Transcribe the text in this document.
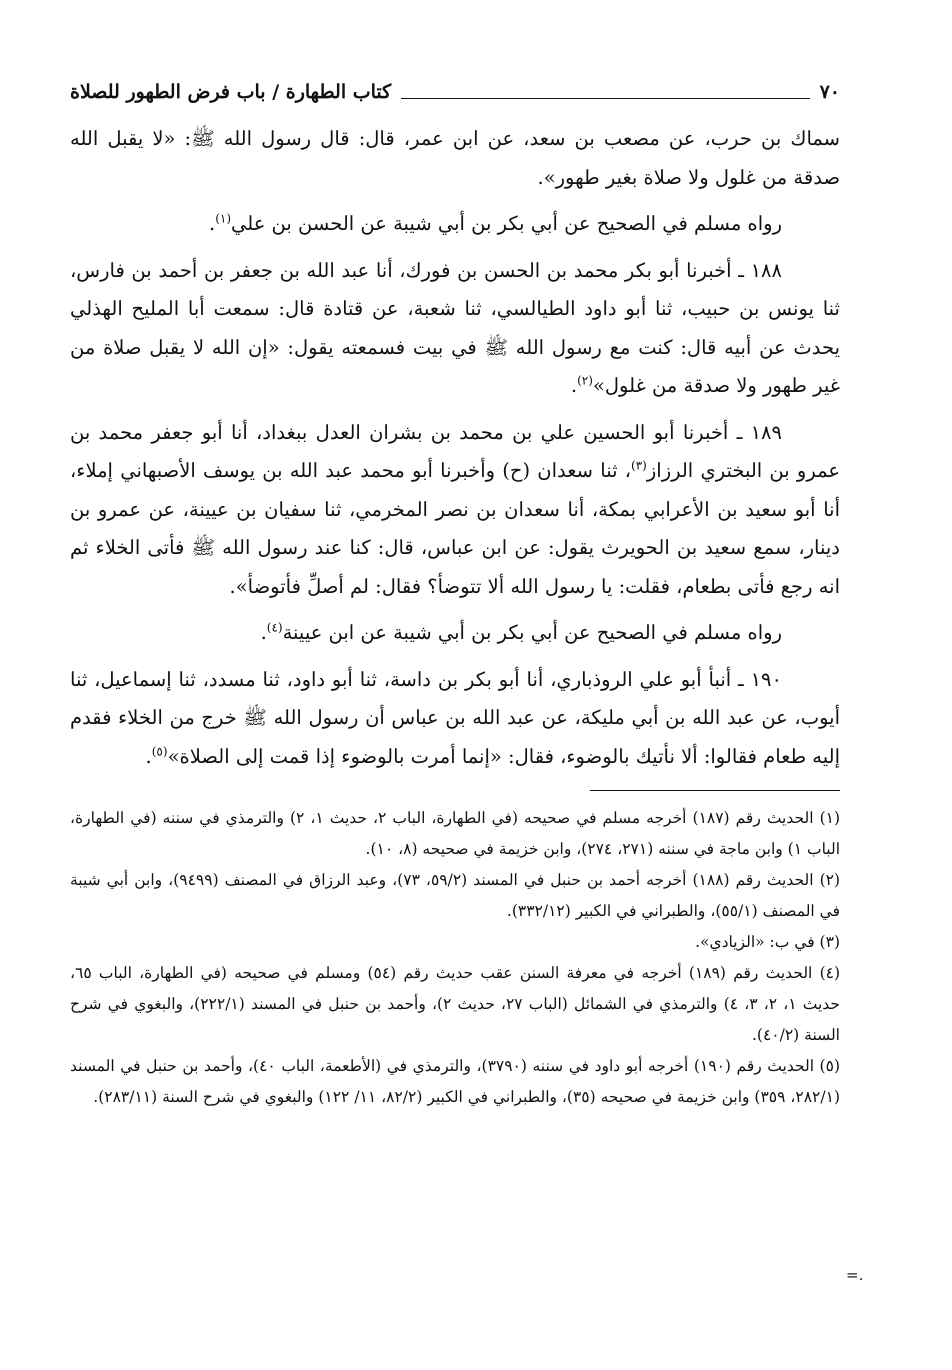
٧٠
كتاب الطهارة / باب فرض الطهور للصلاة

سماك بن حرب، عن مصعب بن سعد، عن ابن عمر، قال: قال رسول الله ﷺ: «لا يقبل الله صدقة من غلول ولا صلاة بغير طهور».

رواه مسلم في الصحيح عن أبي بكر بن أبي شيبة عن الحسن بن علي$^{(١)}$.

١٨٨ ـ أخبرنا أبو بكر محمد بن الحسن بن فورك، أنا عبد الله بن جعفر بن أحمد بن فارس، ثنا يونس بن حبيب، ثنا أبو داود الطيالسي، ثنا شعبة، عن قتادة قال: سمعت أبا المليح الهذلي يحدث عن أبيه قال: كنت مع رسول الله ﷺ في بيت فسمعته يقول: «إن الله لا يقبل صلاة من غير طهور ولا صدقة من غلول»$^{(٢)}$.

١٨٩ ـ أخبرنا أبو الحسين علي بن محمد بن بشران العدل ببغداد، أنا أبو جعفر محمد بن عمرو بن البختري الرزاز$^{(٣)}$، ثنا سعدان (ح) وأخبرنا أبو محمد عبد الله بن يوسف الأصبهاني إملاء، أنا أبو سعيد بن الأعرابي بمكة، أنا سعدان بن نصر المخرمي، ثنا سفيان بن عيينة، عن عمرو بن دينار، سمع سعيد بن الحويرث يقول: عن ابن عباس، قال: كنا عند رسول الله ﷺ فأتى الخلاء ثم انه رجع فأتى بطعام، فقلت: يا رسول الله ألا تتوضأ؟ فقال: لم أصلِّ فأتوضأ».

رواه مسلم في الصحيح عن أبي بكر بن أبي شيبة عن ابن عيينة$^{(٤)}$.

١٩٠ ـ أنبأ أبو علي الروذباري، أنا أبو بكر بن داسة، ثنا أبو داود، ثنا مسدد، ثنا إسماعيل، ثنا أيوب، عن عبد الله بن أبي مليكة، عن عبد الله بن عباس أن رسول الله ﷺ خرج من الخلاء فقدم إليه طعام فقالوا: ألا نأتيك بالوضوء، فقال: «إنما أمرت بالوضوء إذا قمت إلى الصلاة»$^{(٥)}$.

(١) الحديث رقم (١٨٧) أخرجه مسلم في صحيحه (في الطهارة، الباب ٢، حديث ١، ٢) والترمذي في سننه (في الطهارة، الباب ١) وابن ماجة في سننه (٢٧١، ٢٧٤)، وابن خزيمة في صحيحه (٨، ١٠).

(٢) الحديث رقم (١٨٨) أخرجه أحمد بن حنبل في المسند (٥٩/٢، ٧٣)، وعبد الرزاق في المصنف (٩٤٩٩)، وابن أبي شيبة في المصنف (٥٥/١)، والطبراني في الكبير (٣٣٢/١٢).

(٣) في ب: «الزيادي».

(٤) الحديث رقم (١٨٩) أخرجه في معرفة السنن عقب حديث رقم (٥٤) ومسلم في صحيحه (في الطهارة، الباب ٦٥، حديث ١، ٢، ٣، ٤) والترمذي في الشمائل (الباب ٢٧، حديث ٢)، وأحمد بن حنبل في المسند (٢٢٢/١)، والبغوي في شرح السنة (٤٠/٢).

(٥) الحديث رقم (١٩٠) أخرجه أبو داود في سننه (٣٧٩٠)، والترمذي في (الأطعمة، الباب ٤٠)، وأحمد بن حنبل في المسند (٢٨٢/١، ٣٥٩) وابن خزيمة في صحيحه (٣٥)، والطبراني في الكبير (٨٢/٢، ١١/ ١٢٢) والبغوي في شرح السنة (٢٨٣/١١).

=.
